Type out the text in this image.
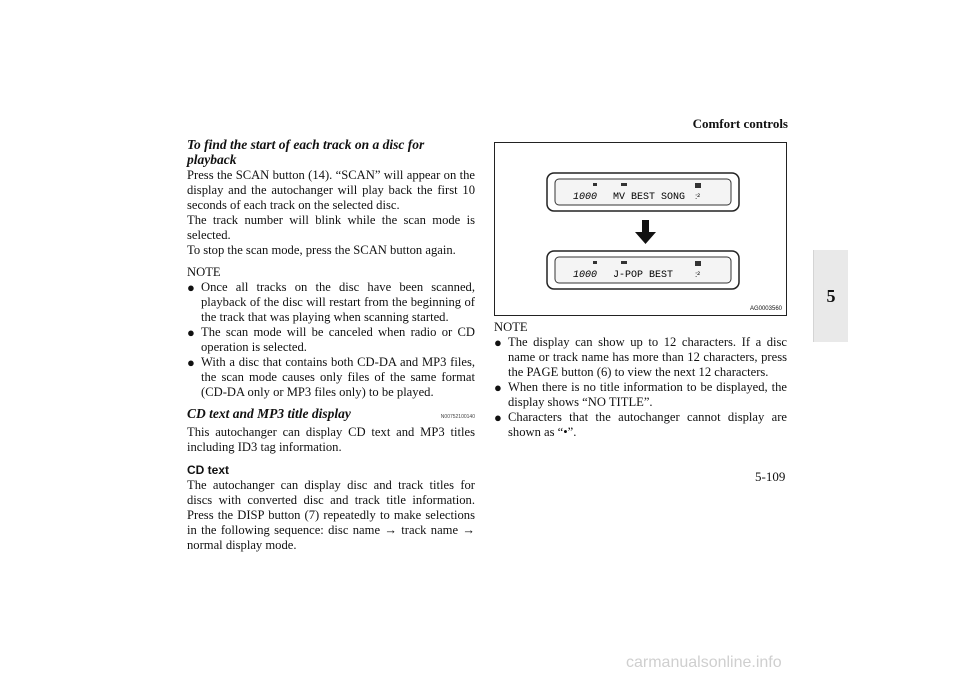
Comfort controls
5

To find the start of each track on a disc for playback

Press the SCAN button (14). “SCAN” will appear on the display and the autochanger will play back the first 10 seconds of each track on the selected disc.

The track number will blink while the scan mode is selected.

To stop the scan mode, press the SCAN button again.

NOTE
● Once all tracks on the disc have been scanned, playback of the disc will restart from the beginning of the track that was playing when scanning started.
● The scan mode will be canceled when radio or CD operation is selected.
● With a disc that contains both CD-DA and MP3 files, the scan mode causes only files of the same format (CD-DA only or MP3 files only) to be played.

CD text and MP3 title display	N00752100140

This autochanger can display CD text and MP3 titles including ID3 tag information.

CD text

The autochanger can display disc and track titles for discs with converted disc and track title information. Press the DISP button (7) repeatedly to make selections in the following sequence: disc name → track name → normal display mode.

1000 MV BEST SONG :²
1000 J-POP BEST	:²
AG0003560
NOTE
● The display can show up to 12 characters. If a disc name or track name has more than 12 characters, press the PAGE button (6) to view the next 12 characters.
● When there is no title information to be displayed, the display shows “NO TITLE”.
● Characters that the autochanger cannot display are shown as “•”.
5-109
carmanualsonline.info
